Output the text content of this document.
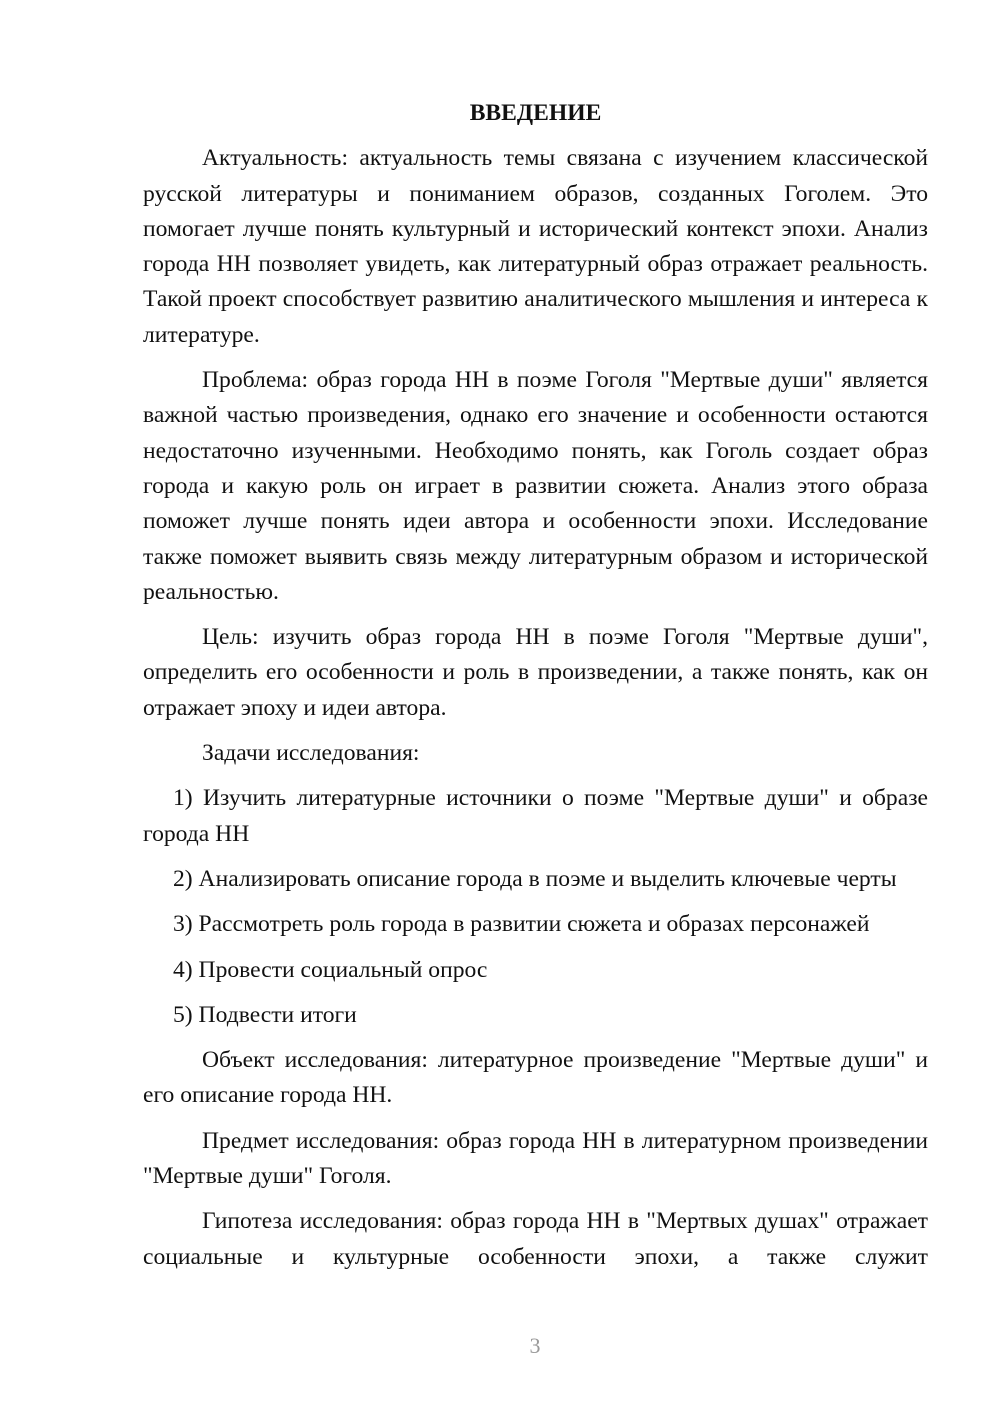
ВВЕДЕНИЕ

Актуальность: актуальность темы связана с изучением классической русской литературы и пониманием образов, созданных Гоголем. Это помогает лучше понять культурный и исторический контекст эпохи. Анализ города НН позволяет увидеть, как литературный образ отражает реальность. Такой проект способствует развитию аналитического мышления и интереса к литературе.

Проблема: образ города НН в поэме Гоголя "Мертвые души" является важной частью произведения, однако его значение и особенности остаются недостаточно изученными. Необходимо понять, как Гоголь создает образ города и какую роль он играет в развитии сюжета. Анализ этого образа поможет лучше понять идеи автора и особенности эпохи. Исследование также поможет выявить связь между литературным образом и исторической реальностью.

Цель: изучить образ города НН в поэме Гоголя "Мертвые души", определить его особенности и роль в произведении, а также понять, как он отражает эпоху и идеи автора.

Задачи исследования:

1) Изучить литературные источники о поэме "Мертвые души" и образе города НН

2) Анализировать описание города в поэме и выделить ключевые черты

3) Рассмотреть роль города в развитии сюжета и образах персонажей

4) Провести социальный опрос

5) Подвести итоги

Объект исследования: литературное произведение "Мертвые души" и его описание города НН.

Предмет исследования: образ города НН в литературном произведении "Мертвые души" Гоголя.

Гипотеза исследования: образ города НН в "Мертвых душах" отражает социальные и культурные особенности эпохи, а также служит

3
